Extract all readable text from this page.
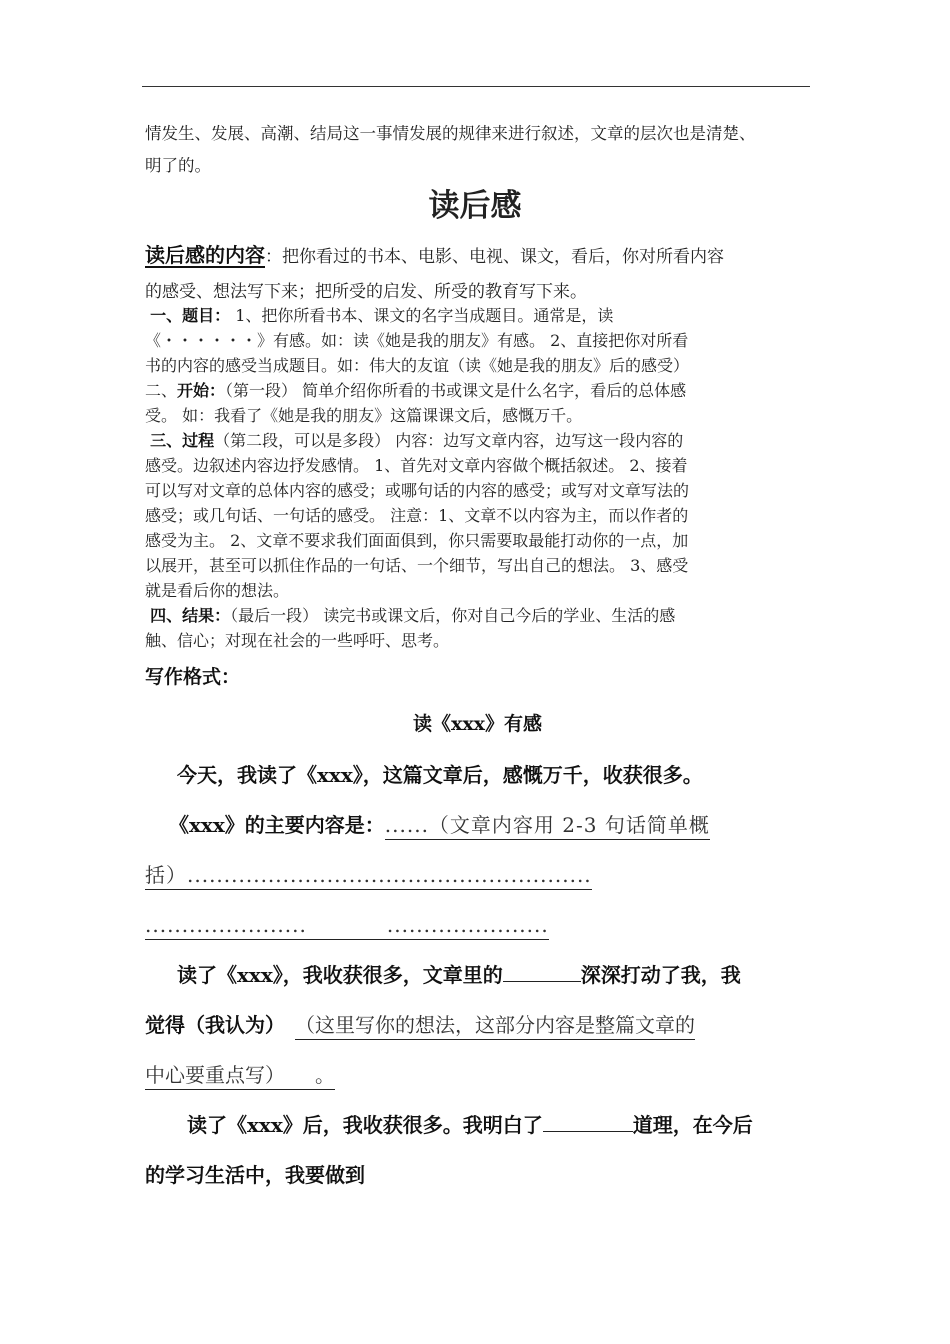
情发生、发展、高潮、结局这一事情发展的规律来进行叙述，文章的层次也是清楚、
明了的。
读后感
读后感的内容：把你看过的书本、电影、电视、课文，看后，你对所看内容
的感受、想法写下来；把所受的启发、所受的教育写下来。
一、题目： 1、把你所看书本、课文的名字当成题目。通常是，读
《・・・・・・》有感。如：读《她是我的朋友》有感。 2、直接把你对所看
书的内容的感受当成题目。如：伟大的友谊（读《她是我的朋友》后的感受）
二、开始：（第一段） 简单介绍你所看的书或课文是什么名字，看后的总体感
受。 如：我看了《她是我的朋友》这篇课课文后，感慨万千。
三、过程（第二段，可以是多段） 内容：边写文章内容，边写这一段内容的
感受。边叙述内容边抒发感情。 1、首先对文章内容做个概括叙述。 2、接着
可以写对文章的总体内容的感受；或哪句话的内容的感受；或写对文章写法的
感受；或几句话、一句话的感受。 注意：1、文章不以内容为主，而以作者的
感受为主。 2、文章不要求我们面面俱到，你只需要取最能打动你的一点，加
以展开，甚至可以抓住作品的一句话、一个细节，写出自己的想法。 3、感受
就是看后你的想法。
四、结果：（最后一段） 读完书或课文后，你对自己今后的学业、生活的感
触、信心；对现在社会的一些呼吁、思考。
写作格式：
读《xxx》有感
今天，我读了《xxx》，这篇文章后，感慨万千，收获很多。
《xxx》的主要内容是：......（文章内容用 2-3 句话简单概
括）.......................................................
......................	......................
读了《xxx》，我收获很多，文章里的	深深打动了我，我
觉得（我认为） （这里写你的想法，这部分内容是整篇文章的
中心要重点写）　　。
读了《xxx》后，我收获很多。我明白了	道理，在今后
的学习生活中，我要做到
